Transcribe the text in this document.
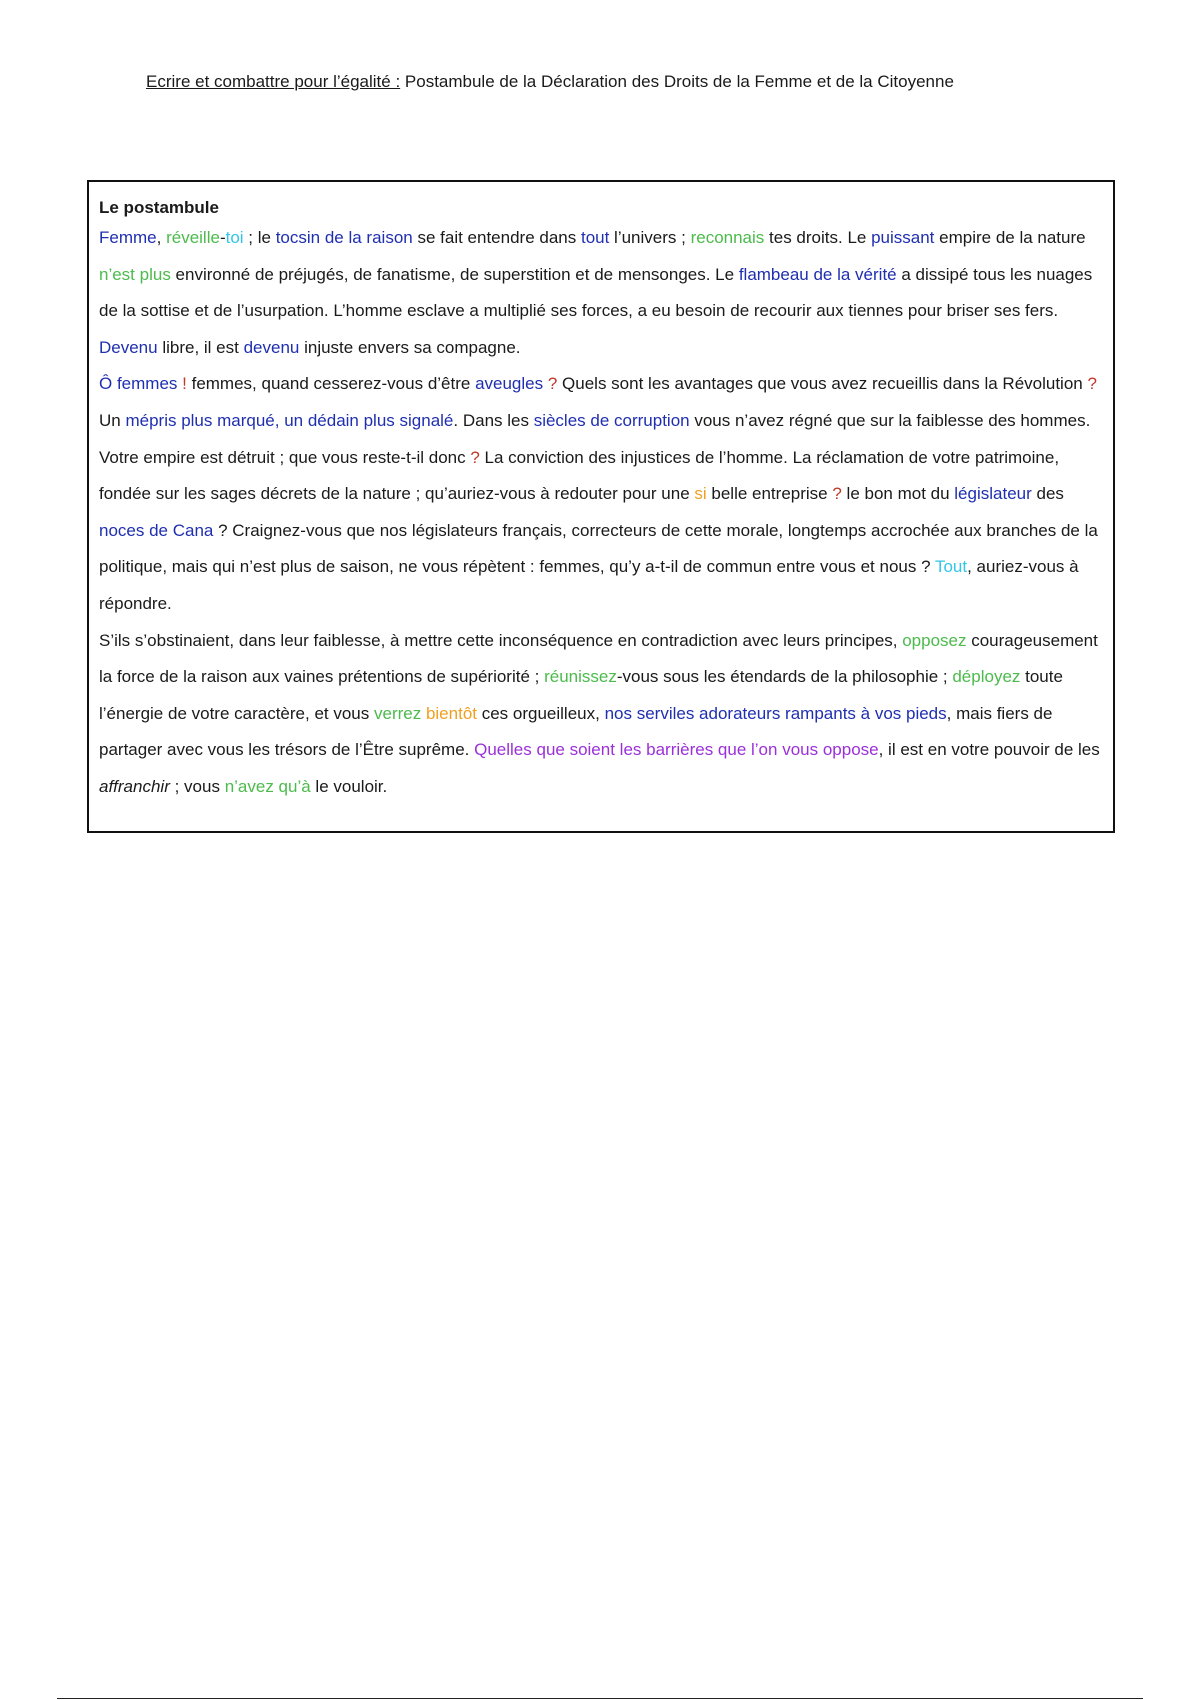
Ecrire et combattre pour l’égalité : Postambule de la Déclaration des Droits de la Femme et de la Citoyenne
Le postambule

Femme, réveille-toi ; le tocsin de la raison se fait entendre dans tout l’univers ; reconnais tes droits. Le puissant empire de la nature n’est plus environné de préjugés, de fanatisme, de superstition et de mensonges. Le flambeau de la vérité a dissipé tous les nuages de la sottise et de l’usurpation. L’homme esclave a multiplié ses forces, a eu besoin de recourir aux tiennes pour briser ses fers. Devenu libre, il est devenu injuste envers sa compagne.

Ô femmes ! femmes, quand cesserez-vous d’être aveugles ? Quels sont les avantages que vous avez recueillis dans la Révolution ? Un mépris plus marqué, un dédain plus signalé. Dans les siècles de corruption vous n’avez régné que sur la faiblesse des hommes. Votre empire est détruit ; que vous reste-t-il donc ? La conviction des injustices de l’homme. La réclamation de votre patrimoine, fondée sur les sages décrets de la nature ; qu’auriez-vous à redouter pour une si belle entreprise ? le bon mot du législateur des noces de Cana ? Craignez-vous que nos législateurs français, correcteurs de cette morale, longtemps accrochée aux branches de la politique, mais qui n’est plus de saison, ne vous répètent : femmes, qu’y a-t-il de commun entre vous et nous ? Tout, auriez-vous à répondre.

S’ils s’obstinaient, dans leur faiblesse, à mettre cette inconséquence en contradiction avec leurs principes, opposez courageusement la force de la raison aux vaines prétentions de supériorité ; réunissez-vous sous les étendards de la philosophie ; déployez toute l’énergie de votre caractère, et vous verrez bientôt ces orgueilleux, nos serviles adorateurs rampants à vos pieds, mais fiers de partager avec vous les trésors de l’Être suprême. Quelles que soient les barrières que l’on vous oppose, il est en votre pouvoir de les affranchir ; vous n’avez qu’à le vouloir.
